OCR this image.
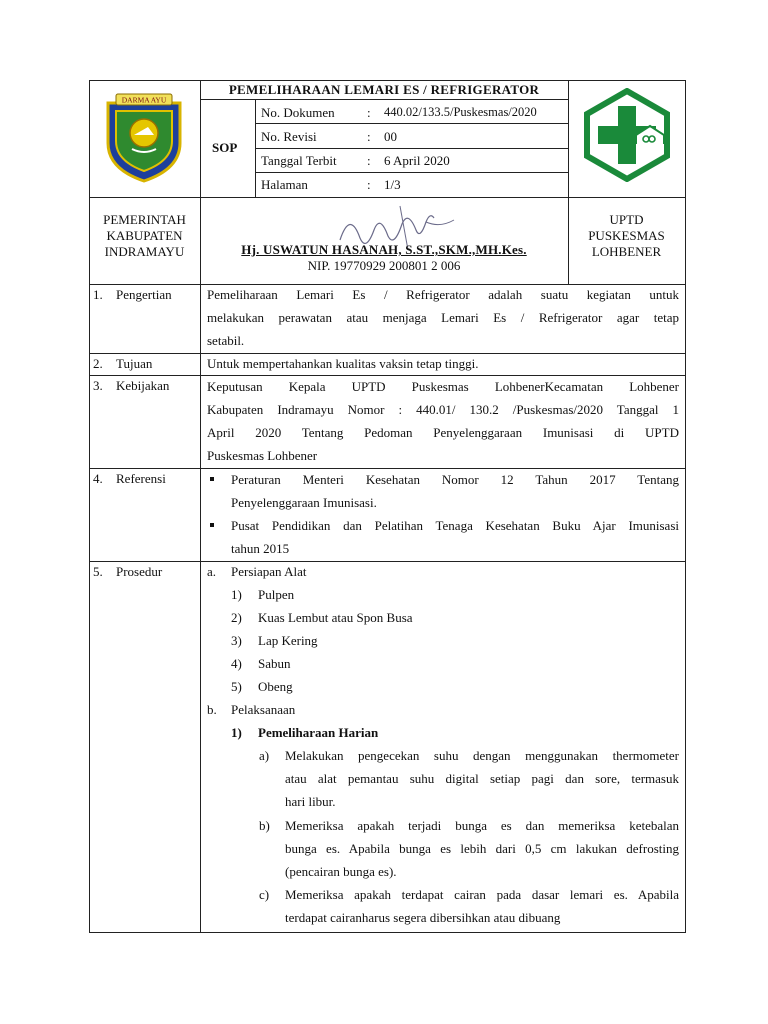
DARMA AYU
PEMELIHARAAN LEMARI ES / REFRIGERATOR
SOP
No. Dokumen : 440.02/133.5/Puskesmas/2020
No. Revisi	: 00
Tanggal Terbit : 6 April 2020
Halaman	: 1/3
PEMERINTAH
KABUPATEN
INDRAMAYU	Hj. USWATUN HASANAH, S.ST.,SKM.,MH.Kes.
NIP. 19770929 200801 2 006
UPTD
PUSKESMAS
LOHBENER
1. Pengertian	Pemeliharaan Lemari Es / Refrigerator adalah suatu kegiatan untuk
melakukan perawatan atau menjaga Lemari Es / Refrigerator agar tetap
setabil.
2. Tujuan	Untuk mempertahankan kualitas vaksin tetap tinggi.
3. Kebijakan	Keputusan Kepala UPTD Puskesmas LohbenerKecamatan Lohbener
Kabupaten Indramayu Nomor : 440.01/ 130.2 /Puskesmas/2020 Tanggal 1
April 2020 Tentang Pedoman Penyelenggaraan Imunisasi di UPTD
Puskesmas Lohbener
4. Referensi	Peraturan Menteri Kesehatan Nomor 12 Tahun 2017 Tentang
Penyelenggaraan Imunisasi.
Pusat Pendidikan dan Pelatihan Tenaga Kesehatan Buku Ajar Imunisasi
tahun 2015
5. Prosedur	a. Persiapan Alat
1) Pulpen
2) Kuas Lembut atau Spon Busa
3) Lap Kering
4) Sabun
5) Obeng
b. Pelaksanaan
1) Pemeliharaan Harian
a) Melakukan pengecekan suhu dengan menggunakan thermometer
atau alat pemantau suhu digital setiap pagi dan sore, termasuk
hari libur.
b) Memeriksa apakah terjadi bunga es dan memeriksa ketebalan
bunga es. Apabila bunga es lebih dari 0,5 cm lakukan defrosting
(pencairan bunga es).
c) Memeriksa apakah terdapat cairan pada dasar lemari es. Apabila
terdapat cairanharus segera dibersihkan atau dibuang
